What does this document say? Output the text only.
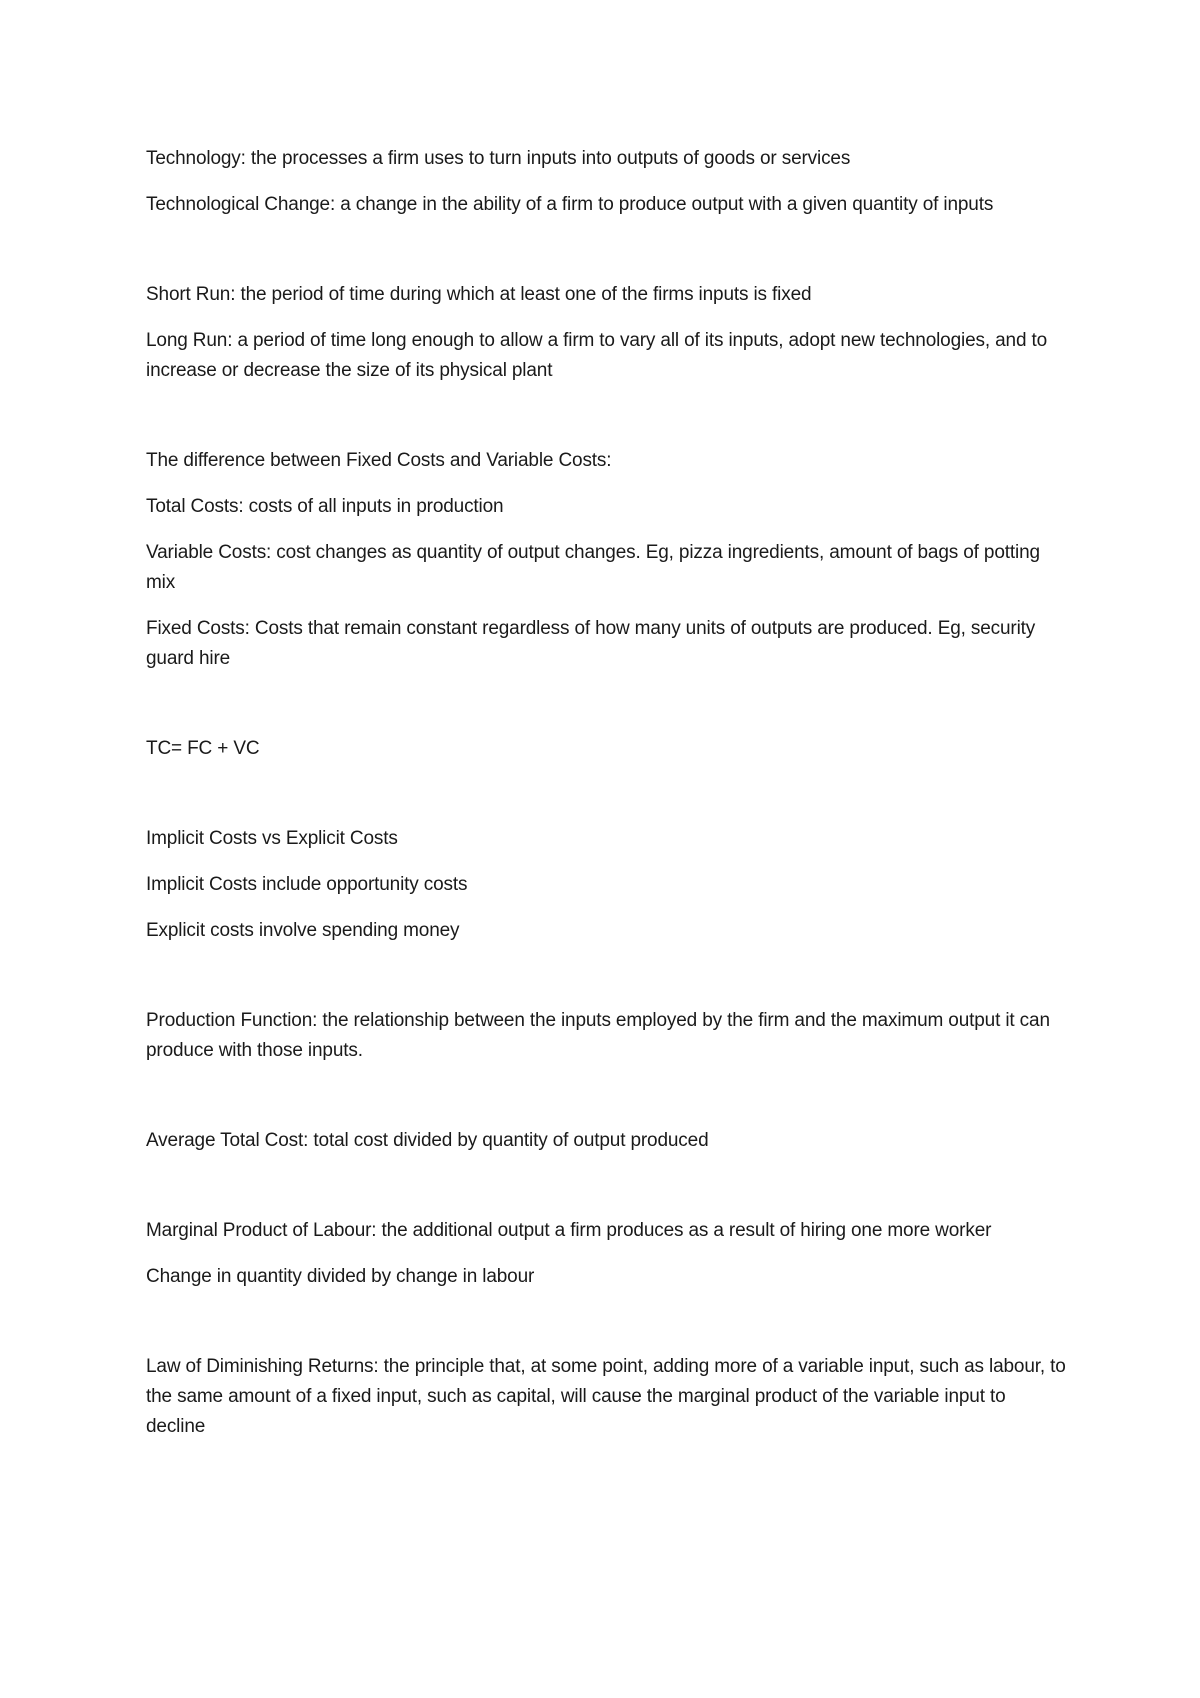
Technology: the processes a firm uses to turn inputs into outputs of goods or services

Technological Change: a change in the ability of a firm to produce output with a given quantity of inputs

Short Run: the period of time during which at least one of the firms inputs is fixed

Long Run: a period of time long enough to allow a firm to vary all of its inputs, adopt new technologies, and to increase or decrease the size of its physical plant

The difference between Fixed Costs and Variable Costs:

Total Costs: costs of all inputs in production

Variable Costs: cost changes as quantity of output changes. Eg, pizza ingredients, amount of bags of potting mix

Fixed Costs: Costs that remain constant regardless of how many units of outputs are produced. Eg, security guard hire

TC= FC + VC

Implicit Costs vs Explicit Costs

Implicit Costs include opportunity costs

Explicit costs involve spending money

Production Function: the relationship between the inputs employed by the firm and the maximum output it can produce with those inputs.

Average Total Cost: total cost divided by quantity of output produced

Marginal Product of Labour: the additional output a firm produces as a result of hiring one more worker

Change in quantity divided by change in labour

Law of Diminishing Returns: the principle that, at some point, adding more of a variable input, such as labour, to the same amount of a fixed input, such as capital, will cause the marginal product of the variable input to decline
